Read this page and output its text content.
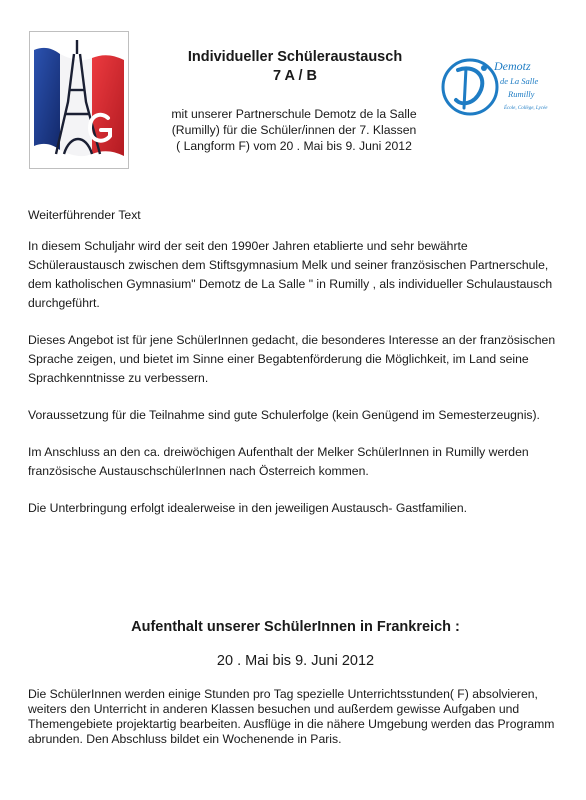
Demotz
de La Salle
Rumilly
École, Collège, Lycée

Individueller Schüleraustausch

7 A / B

mit unserer Partnerschule Demotz de la Salle
(Rumilly) für die Schüler/innen der 7. Klassen
( Langform F) vom 20 . Mai bis 9. Juni 2012

Weiterführender Text

In diesem Schuljahr wird der seit den 1990er Jahren etablierte und sehr bewährte Schüleraustausch zwischen dem Stiftsgymnasium Melk und seiner französischen Partnerschule, dem katholischen Gymnasium" Demotz de La Salle " in Rumilly , als individueller Schulaustausch durchgeführt.

Dieses Angebot ist für jene SchülerInnen gedacht, die besonderes Interesse an der französischen Sprache zeigen, und bietet im Sinne einer Begabtenförderung die Möglichkeit, im Land seine Sprachkenntnisse zu verbessern.

Voraussetzung für die Teilnahme sind gute Schulerfolge (kein Genügend im Semesterzeugnis).

Im Anschluss an den ca. dreiwöchigen Aufenthalt der Melker SchülerInnen in Rumilly werden französische AustauschschülerInnen nach Österreich kommen.

Die Unterbringung erfolgt idealerweise in den jeweiligen Austausch- Gastfamilien.

Aufenthalt unserer SchülerInnen in Frankreich :

20 . Mai bis 9. Juni 2012

Die SchülerInnen werden einige Stunden pro Tag spezielle Unterrichtsstunden( F) absolvieren, weiters den Unterricht in anderen Klassen besuchen und außerdem gewisse Aufgaben und Themengebiete projektartig bearbeiten. Ausflüge in die nähere Umgebung werden das Programm abrunden. Den Abschluss bildet ein Wochenende in Paris.
